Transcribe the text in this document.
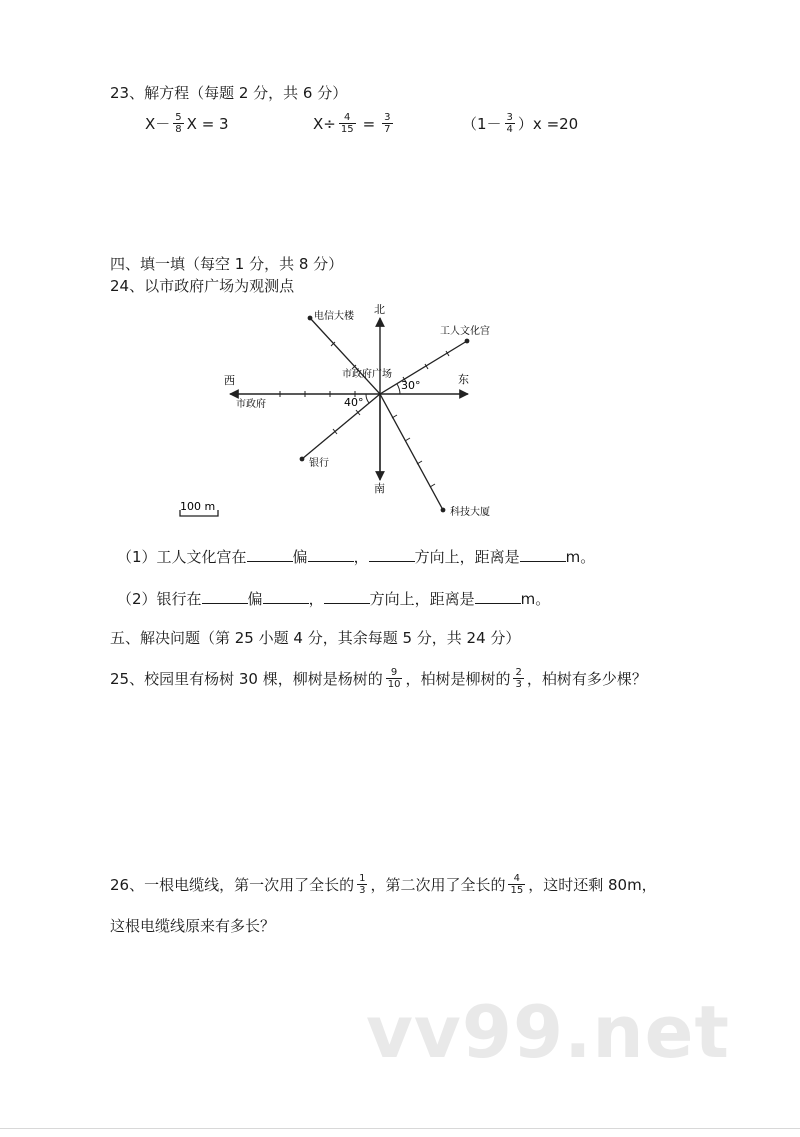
23、解方程（每题 2 分，共 6 分）
$X- \frac{5}{8}$ X = 3	$X\div \frac{4}{15} = \frac{3}{7}$	$(1- \frac{3}{4} )x =20$
四、填一填（每空 1 分，共 8 分）
24、以市政府广场为观测点
北
南
东
西	市政府广场
电信大楼
工人文化宫
市政府
银行
科技大厦
30°
40°
100 m
（1）工人文化宫在	偏	，	方向上，距离是	m。
（2）银行在	偏	，	方向上，距离是	m。
五、解决问题（第 25 小题 4 分，其余每题 5 分，共 24 分）
25、校园里有杨树 30 棵，柳树是杨树的 $\frac{9}{10}$ ，柏树是柳树的 $\frac{2}{3}$ ，柏树有多少棵？
26、一根电缆线，第一次用了全长的 $\frac{1}{3}$ ，第二次用了全长的 $\frac{4}{15}$ ，这时还剩 80m，
这根电缆线原来有多长？
vv99.net
